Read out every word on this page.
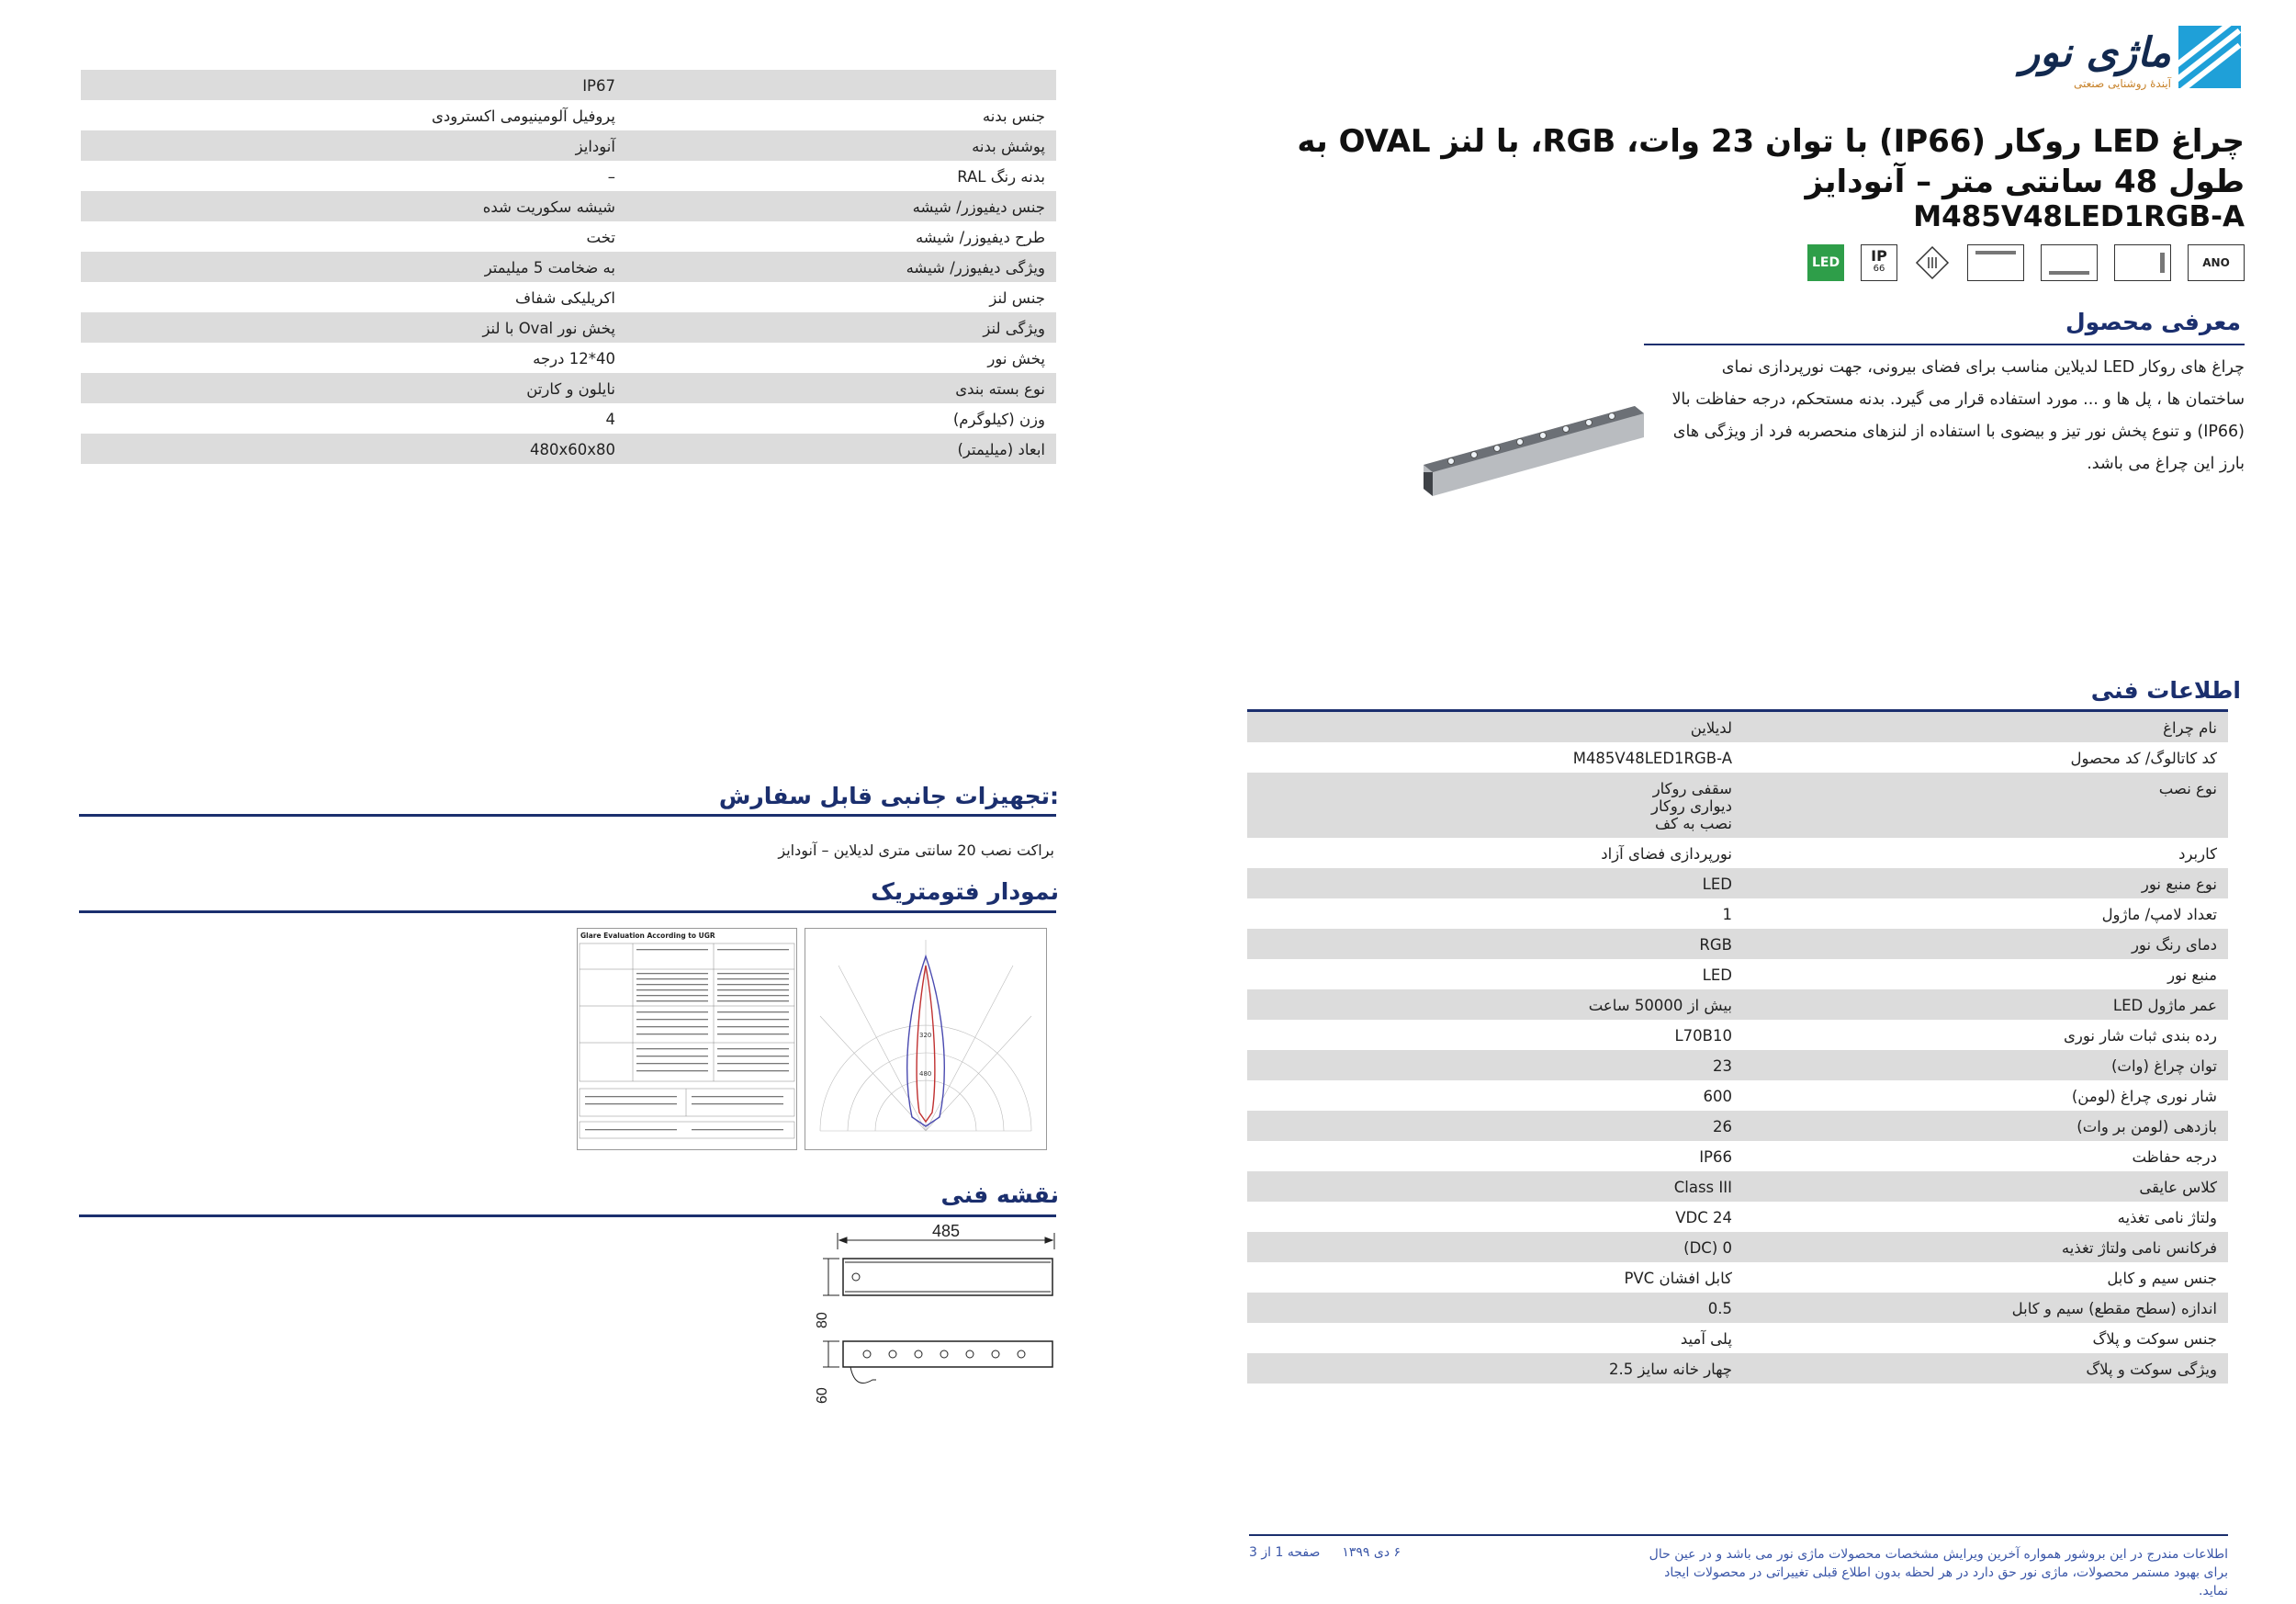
ماژی نور
آیندهٔ روشنایی صنعتی
چراغ LED روکار (IP66) با توان 23 وات، RGB، با لنز OVAL به طول 48 سانتی متر – آنودایز
M485V48LED1RGB-A
ANO
IP
66
LED
معرفی محصول
چراغ های روکار LED لدیلاین مناسب برای فضای بیرونی، جهت نورپردازی نمای ساختمان ها ، پل ها و ... مورد استفاده قرار می گیرد. بدنه مستحکم، درجه حفاظت بالا (IP66) و تنوع پخش نور تیز و بیضوی با استفاده از لنزهای منحصربه فرد از ویژگی های بارز این چراغ می باشد.
اطلاعات فنی
نام چراغ
لدیلاین
کد کاتالوگ/ کد محصول
M485V48LED1RGB-A
نوع نصب
سقفی روکار
دیواری روکار
نصب به کف
کاربرد
نورپردازی فضای آزاد
نوع منبع نور
LED
تعداد لامپ/ ماژول
1
دمای رنگ نور
RGB
منبع نور
LED
عمر ماژول LED
بیش از 50000 ساعت
رده بندی ثبات شار نوری
L70B10
توان چراغ (وات)
23
شار نوری چراغ (لومن)
600
بازدهی (لومن بر وات)
26
درجه حفاظت
IP66
کلاس عایقی
Class III
ولتاژ نامی تغذیه
24 VDC
فرکانس نامی ولتاژ تغذیه
0 (DC)
جنس سیم و کابل
کابل افشان PVC
اندازه (سطح مقطع) سیم و کابل
0.5
جنس سوکت و پلاگ
پلی آمید
ویژگی سوکت و پلاگ
چهار خانه سایز 2.5
IP67
جنس بدنه
پروفیل آلومینیومی اکسترودی
پوشش بدنه
آنودایز
بدنه رنگ RAL
–
جنس دیفیوزر/ شیشه
شیشه سکوریت شده
طرح دیفیوزر/ شیشه
تخت
ویژگی دیفیوزر/ شیشه
به ضخامت 5 میلیمتر
جنس لنز
اکریلیکی شفاف
ویژگی لنز
پخش نور Oval با لنز
پخش نور
40*12 درجه
نوع بسته بندی
نایلون و کارتن
وزن (کیلوگرم)
4
ابعاد (میلیمتر)
480x60x80
تجهیزات جانبی قابل سفارش:
براکت نصب 20 سانتی متری لدیلاین – آنودایز
نمودار فتومتریک
Glare Evaluation According to UGR
320
480
نقشه فنی
485
80
60
اطلاعات مندرج در این بروشور همواره آخرین ویرایش مشخصات محصولات ماژی نور می باشد و در عین حال برای بهبود مستمر محصولات، ماژی نور حق دارد در هر لحظه بدون اطلاع قبلی تغییراتی در محصولات ایجاد نماید.
۶ دی ۱۳۹۹
صفحه 1 از 3
